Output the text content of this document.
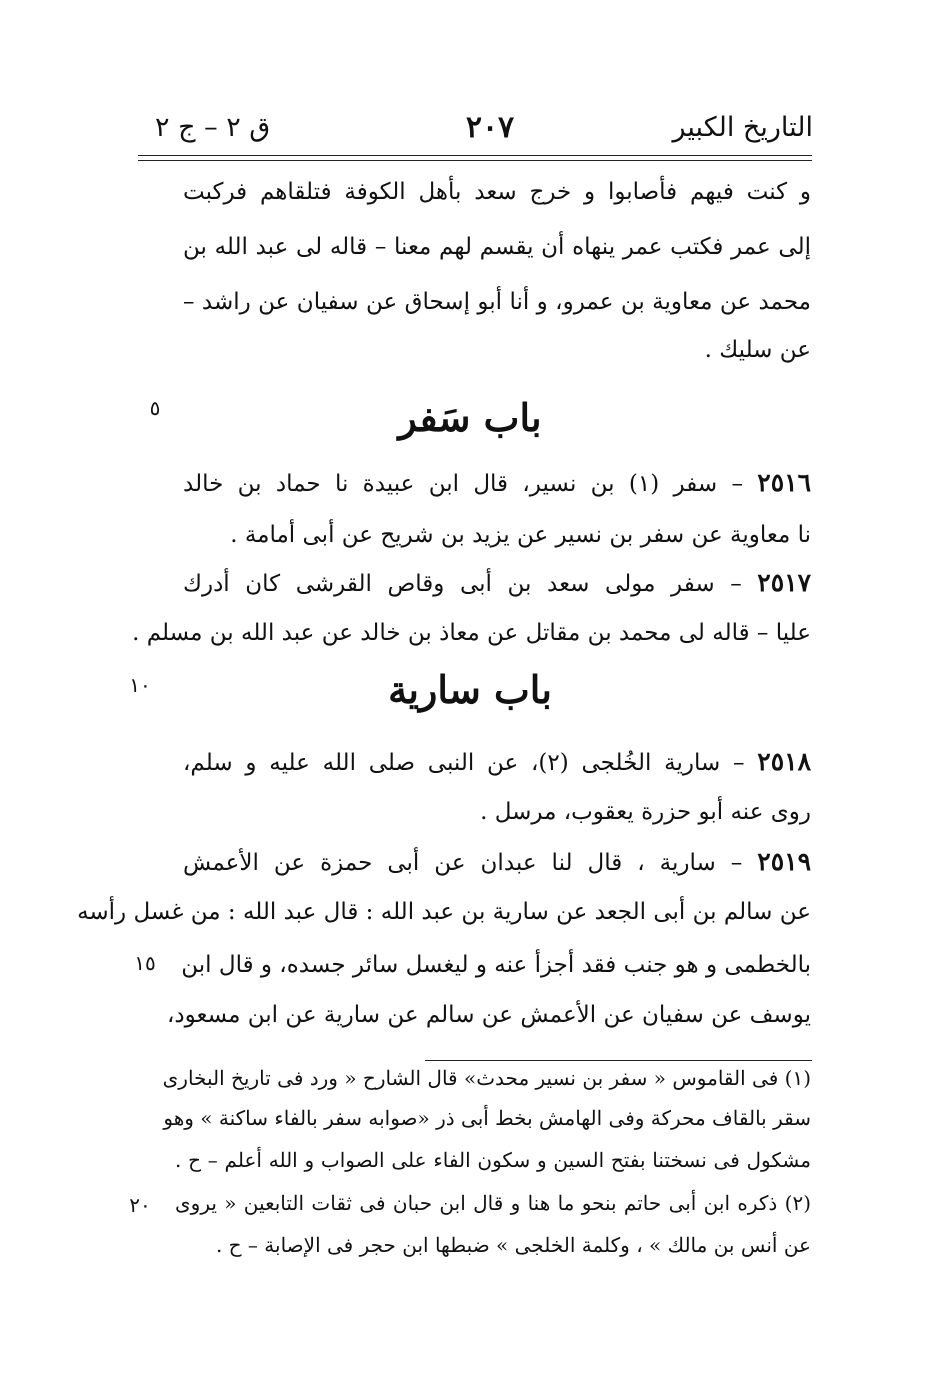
التاريخ الكبير
٢٠٧
ق ٢ – ج ٢
و كنت فيهم فأصابوا و خرج سعد بأهل الكوفة فتلقاهم فركبت
إلى عمر فكتب عمر ينهاه أن يقسم لهم معنا – قاله لى عبد الله بن
محمد عن معاوية بن عمرو، و أنا أبو إسحاق عن سفيان عن راشد –
عن سليك .
باب سَفر
٥
٢٥١٦ – سفر (١) بن نسير، قال ابن عبيدة نا حماد بن خالد
نا معاوية عن سفر بن نسير عن يزيد بن شريح عن أبى أمامة .
٢٥١٧ – سفر مولى سعد بن أبى وقاص القرشى كان أدرك
عليا – قاله لى محمد بن مقاتل عن معاذ بن خالد عن عبد الله بن مسلم .
باب سارية
١٠
٢٥١٨ – سارية الخُلجى (٢)، عن النبى صلى الله عليه و سلم،
روى عنه أبو حزرة يعقوب، مرسل .
٢٥١٩ – سارية ، قال لنا عبدان عن أبى حمزة عن الأعمش
عن سالم بن أبى الجعد عن سارية بن عبد الله : قال عبد الله : من غسل رأسه
بالخطمى و هو جنب فقد أجزأ عنه و ليغسل سائر جسده، و قال ابن
١٥
يوسف عن سفيان عن الأعمش عن سالم عن سارية عن ابن مسعود،
(١) فى القاموس « سفر بن نسير محدث» قال الشارح « ورد فى تاريخ البخارى
سقر بالقاف محركة وفى الهامش بخط أبى ذر «صوابه سفر بالفاء ساكنة » وهو
مشكول فى نسختنا بفتح السين و سكون الفاء على الصواب و الله أعلم – ح .
(٢) ذكره ابن أبى حاتم بنحو ما هنا و قال ابن حبان فى ثقات التابعين « يروى
٢٠
عن أنس بن مالك » ، وكلمة الخلجى » ضبطها ابن حجر فى الإصابة – ح .
